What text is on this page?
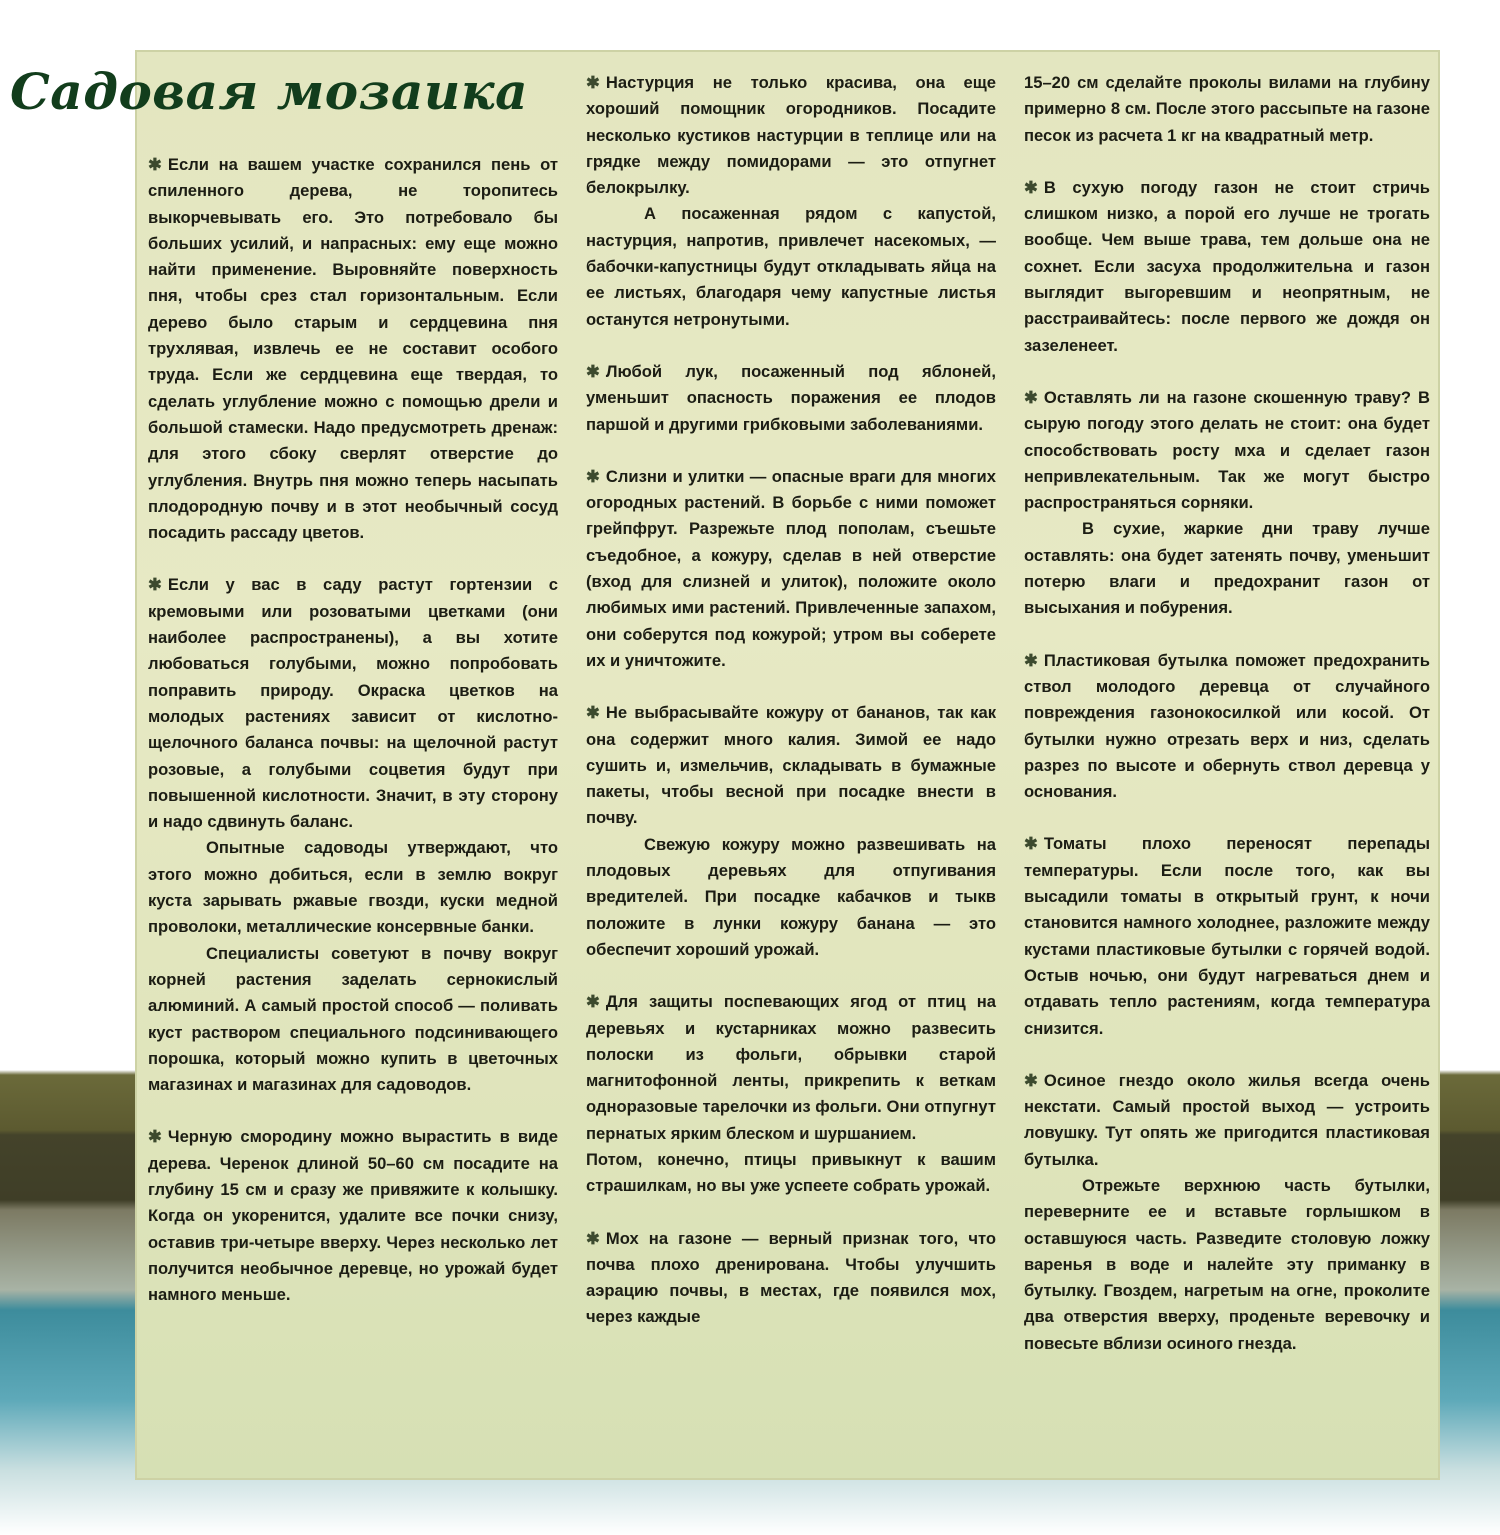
Садовая мозаика

✱ Если на вашем участке сохранился пень от спиленного дерева, не торопитесь выкорчевывать его. Это потребовало бы больших усилий, и напрасных: ему еще можно найти применение. Выровняйте поверхность пня, чтобы срез стал горизонтальным. Если дерево было старым и сердцевина пня трухлявая, извлечь ее не составит особого труда. Если же сердцевина еще твердая, то сделать углубление можно с помощью дрели и большой стамески. Надо предусмотреть дренаж: для этого сбоку сверлят отверстие до углубления. Внутрь пня можно теперь насыпать плодородную почву и в этот необычный сосуд посадить рассаду цветов.

✱ Если у вас в саду растут гортензии с кремовыми или розоватыми цветками (они наиболее распространены), а вы хотите любоваться голубыми, можно попробовать поправить природу. Окраска цветков на молодых растениях зависит от кислотно-щелочного баланса почвы: на щелочной растут розовые, а голубыми соцветия будут при повышенной кислотности. Значит, в эту сторону и надо сдвинуть баланс.

Опытные садоводы утверждают, что этого можно добиться, если в землю вокруг куста зарывать ржавые гвозди, куски медной проволоки, металлические консервные банки.

Специалисты советуют в почву вокруг корней растения заделать сернокислый алюминий. А самый простой способ — поливать куст раствором специального подсинивающего порошка, который можно купить в цветочных магазинах и магазинах для садоводов.

✱ Черную смородину можно вырастить в виде дерева. Черенок длиной 50–60 см посадите на глубину 15 см и сразу же привяжите к колышку. Когда он укоренится, удалите все почки снизу, оставив три-четыре вверху. Через несколько лет получится необычное деревце, но урожай будет намного меньше.

✱ Настурция не только красива, она еще хороший помощник огородников. Посадите несколько кустиков настурции в теплице или на грядке между помидорами — это отпугнет белокрылку.

А посаженная рядом с капустой, настурция, напротив, привлечет насекомых, — бабочки-капустницы будут откладывать яйца на ее листьях, благодаря чему капустные листья останутся нетронутыми.

✱ Любой лук, посаженный под яблоней, уменьшит опасность поражения ее плодов паршой и другими грибковыми заболеваниями.

✱ Слизни и улитки — опасные враги для многих огородных растений. В борьбе с ними поможет грейпфрут. Разрежьте плод пополам, съешьте съедобное, а кожуру, сделав в ней отверстие (вход для слизней и улиток), положите около любимых ими растений. Привлеченные запахом, они соберутся под кожурой; утром вы соберете их и уничтожите.

✱ Не выбрасывайте кожуру от бананов, так как она содержит много калия. Зимой ее надо сушить и, измельчив, складывать в бумажные пакеты, чтобы весной при посадке внести в почву.

Свежую кожуру можно развешивать на плодовых деревьях для отпугивания вредителей. При посадке кабачков и тыкв положите в лунки кожуру банана — это обеспечит хороший урожай.

✱ Для защиты поспевающих ягод от птиц на деревьях и кустарниках можно развесить полоски из фольги, обрывки старой магнитофонной ленты, прикрепить к веткам одноразовые тарелочки из фольги. Они отпугнут пернатых ярким блеском и шуршанием.

Потом, конечно, птицы привыкнут к вашим страшилкам, но вы уже успеете собрать урожай.

✱ Мох на газоне — верный признак того, что почва плохо дренирована. Чтобы улучшить аэрацию почвы, в местах, где появился мох, через каждые

15–20 см сделайте проколы вилами на глубину примерно 8 см. После этого рассыпьте на газоне песок из расчета 1 кг на квадратный метр.

✱ В сухую погоду газон не стоит стричь слишком низко, а порой его лучше не трогать вообще. Чем выше трава, тем дольше она не сохнет. Если засуха продолжительна и газон выглядит выгоревшим и неопрятным, не расстраивайтесь: после первого же дождя он зазеленеет.

✱ Оставлять ли на газоне скошенную траву? В сырую погоду этого делать не стоит: она будет способствовать росту мха и сделает газон непривлекательным. Так же могут быстро распространяться сорняки.

В сухие, жаркие дни траву лучше оставлять: она будет затенять почву, уменьшит потерю влаги и предохранит газон от высыхания и побурения.

✱ Пластиковая бутылка поможет предохранить ствол молодого деревца от случайного повреждения газонокосилкой или косой. От бутылки нужно отрезать верх и низ, сделать разрез по высоте и обернуть ствол деревца у основания.

✱ Томаты плохо переносят перепады температуры. Если после того, как вы высадили томаты в открытый грунт, к ночи становится намного холоднее, разложите между кустами пластиковые бутылки с горячей водой. Остыв ночью, они будут нагреваться днем и отдавать тепло растениям, когда температура снизится.

✱ Осиное гнездо около жилья всегда очень некстати. Самый простой выход — устроить ловушку. Тут опять же пригодится пластиковая бутылка.

Отрежьте верхнюю часть бутылки, переверните ее и вставьте горлышком в оставшуюся часть. Разведите столовую ложку варенья в воде и налейте эту приманку в бутылку. Гвоздем, нагретым на огне, проколите два отверстия вверху, проденьте веревочку и повесьте вблизи осиного гнезда.
